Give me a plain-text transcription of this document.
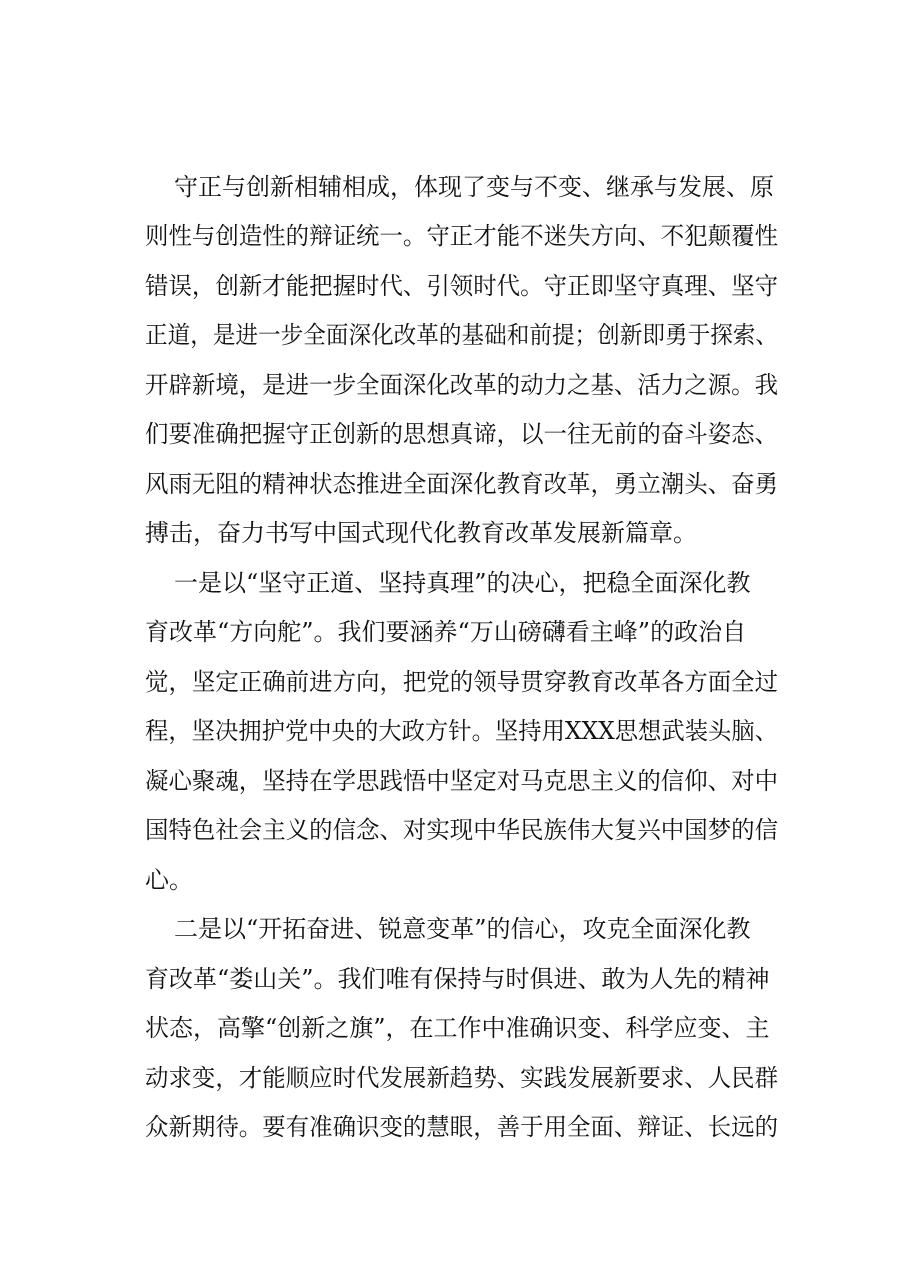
守正与创新相辅相成，体现了变与不变、继承与发展、原
则性与创造性的辩证统一。守正才能不迷失方向、不犯颠覆性
错误，创新才能把握时代、引领时代。守正即坚守真理、坚守
正道，是进一步全面深化改革的基础和前提；创新即勇于探索、
开辟新境，是进一步全面深化改革的动力之基、活力之源。我
们要准确把握守正创新的思想真谛，以一往无前的奋斗姿态、
风雨无阻的精神状态推进全面深化教育改革，勇立潮头、奋勇
搏击，奋力书写中国式现代化教育改革发展新篇章。
一是以“坚守正道、坚持真理”的决心，把稳全面深化教
育改革“方向舵”。我们要涵养“万山磅礴看主峰”的政治自
觉，坚定正确前进方向，把党的领导贯穿教育改革各方面全过
程，坚决拥护党中央的大政方针。坚持用XXX思想武装头脑、
凝心聚魂，坚持在学思践悟中坚定对马克思主义的信仰、对中
国特色社会主义的信念、对实现中华民族伟大复兴中国梦的信
心。
二是以“开拓奋进、锐意变革”的信心，攻克全面深化教
育改革“娄山关”。我们唯有保持与时俱进、敢为人先的精神
状态，高擎“创新之旗”，在工作中准确识变、科学应变、主
动求变，才能顺应时代发展新趋势、实践发展新要求、人民群
众新期待。要有准确识变的慧眼，善于用全面、辩证、长远的
